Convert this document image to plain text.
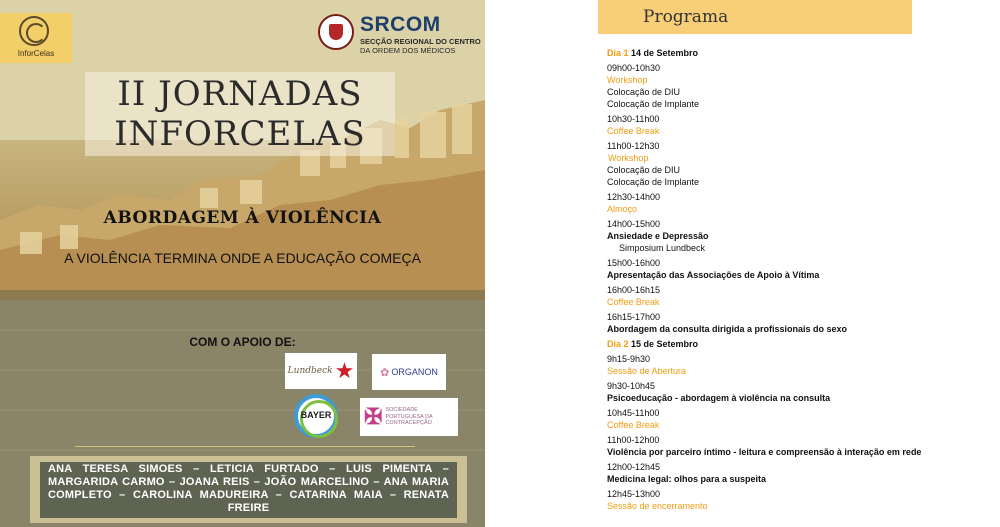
InforCelas
SRCOM
SECÇÃO REGIONAL DO CENTRO
DA ORDEM DOS MÉDICOS
II JORNADAS
INFORCELAS
ABORDAGEM À VIOLÊNCIA
A VIOLÊNCIA TERMINA ONDE A EDUCAÇÃO COMEÇA
COM O APOIO DE:
Lundbeck ★ ✿ ORGANON
BAYER ✠ SOCIEDADE PORTUGUESA DA CONTRACEPÇÃO
ANA TERESA SIMOES – LETICIA FURTADO – LUIS PIMENTA – MARGARIDA CARMO – JOANA REIS – JOÃO MARCELINO – ANA MARIA COMPLETO – CAROLINA MADUREIRA – CATARINA MAIA – RENATA FREIRE
Programa
Dia 1 14 de Setembro
09h00-10h30
Workshop
Colocação de DIU
Colocação de Implante
10h30-11h00
Coffee Break
11h00-12h30
Workshop
Colocação de DIU
Colocação de Implante
12h30-14h00
Almoço
14h00-15h00
Ansiedade e Depressão
Simposium Lundbeck
15h00-16h00
Apresentação das Associações de Apoio à Vítima
16h00-16h15
Coffee Break
16h15-17h00
Abordagem da consulta dirigida a profissionais do sexo
Dia 2 15 de Setembro
9h15-9h30
Sessão de Abertura
9h30-10h45
Psicoeducação - abordagem à violência na consulta
10h45-11h00
Coffee Break
11h00-12h00
Violência por parceiro íntimo - leitura e compreensão à interação em rede
12h00-12h45
Medicina legal: olhos para a suspeita
12h45-13h00
Sessão de encerramento
